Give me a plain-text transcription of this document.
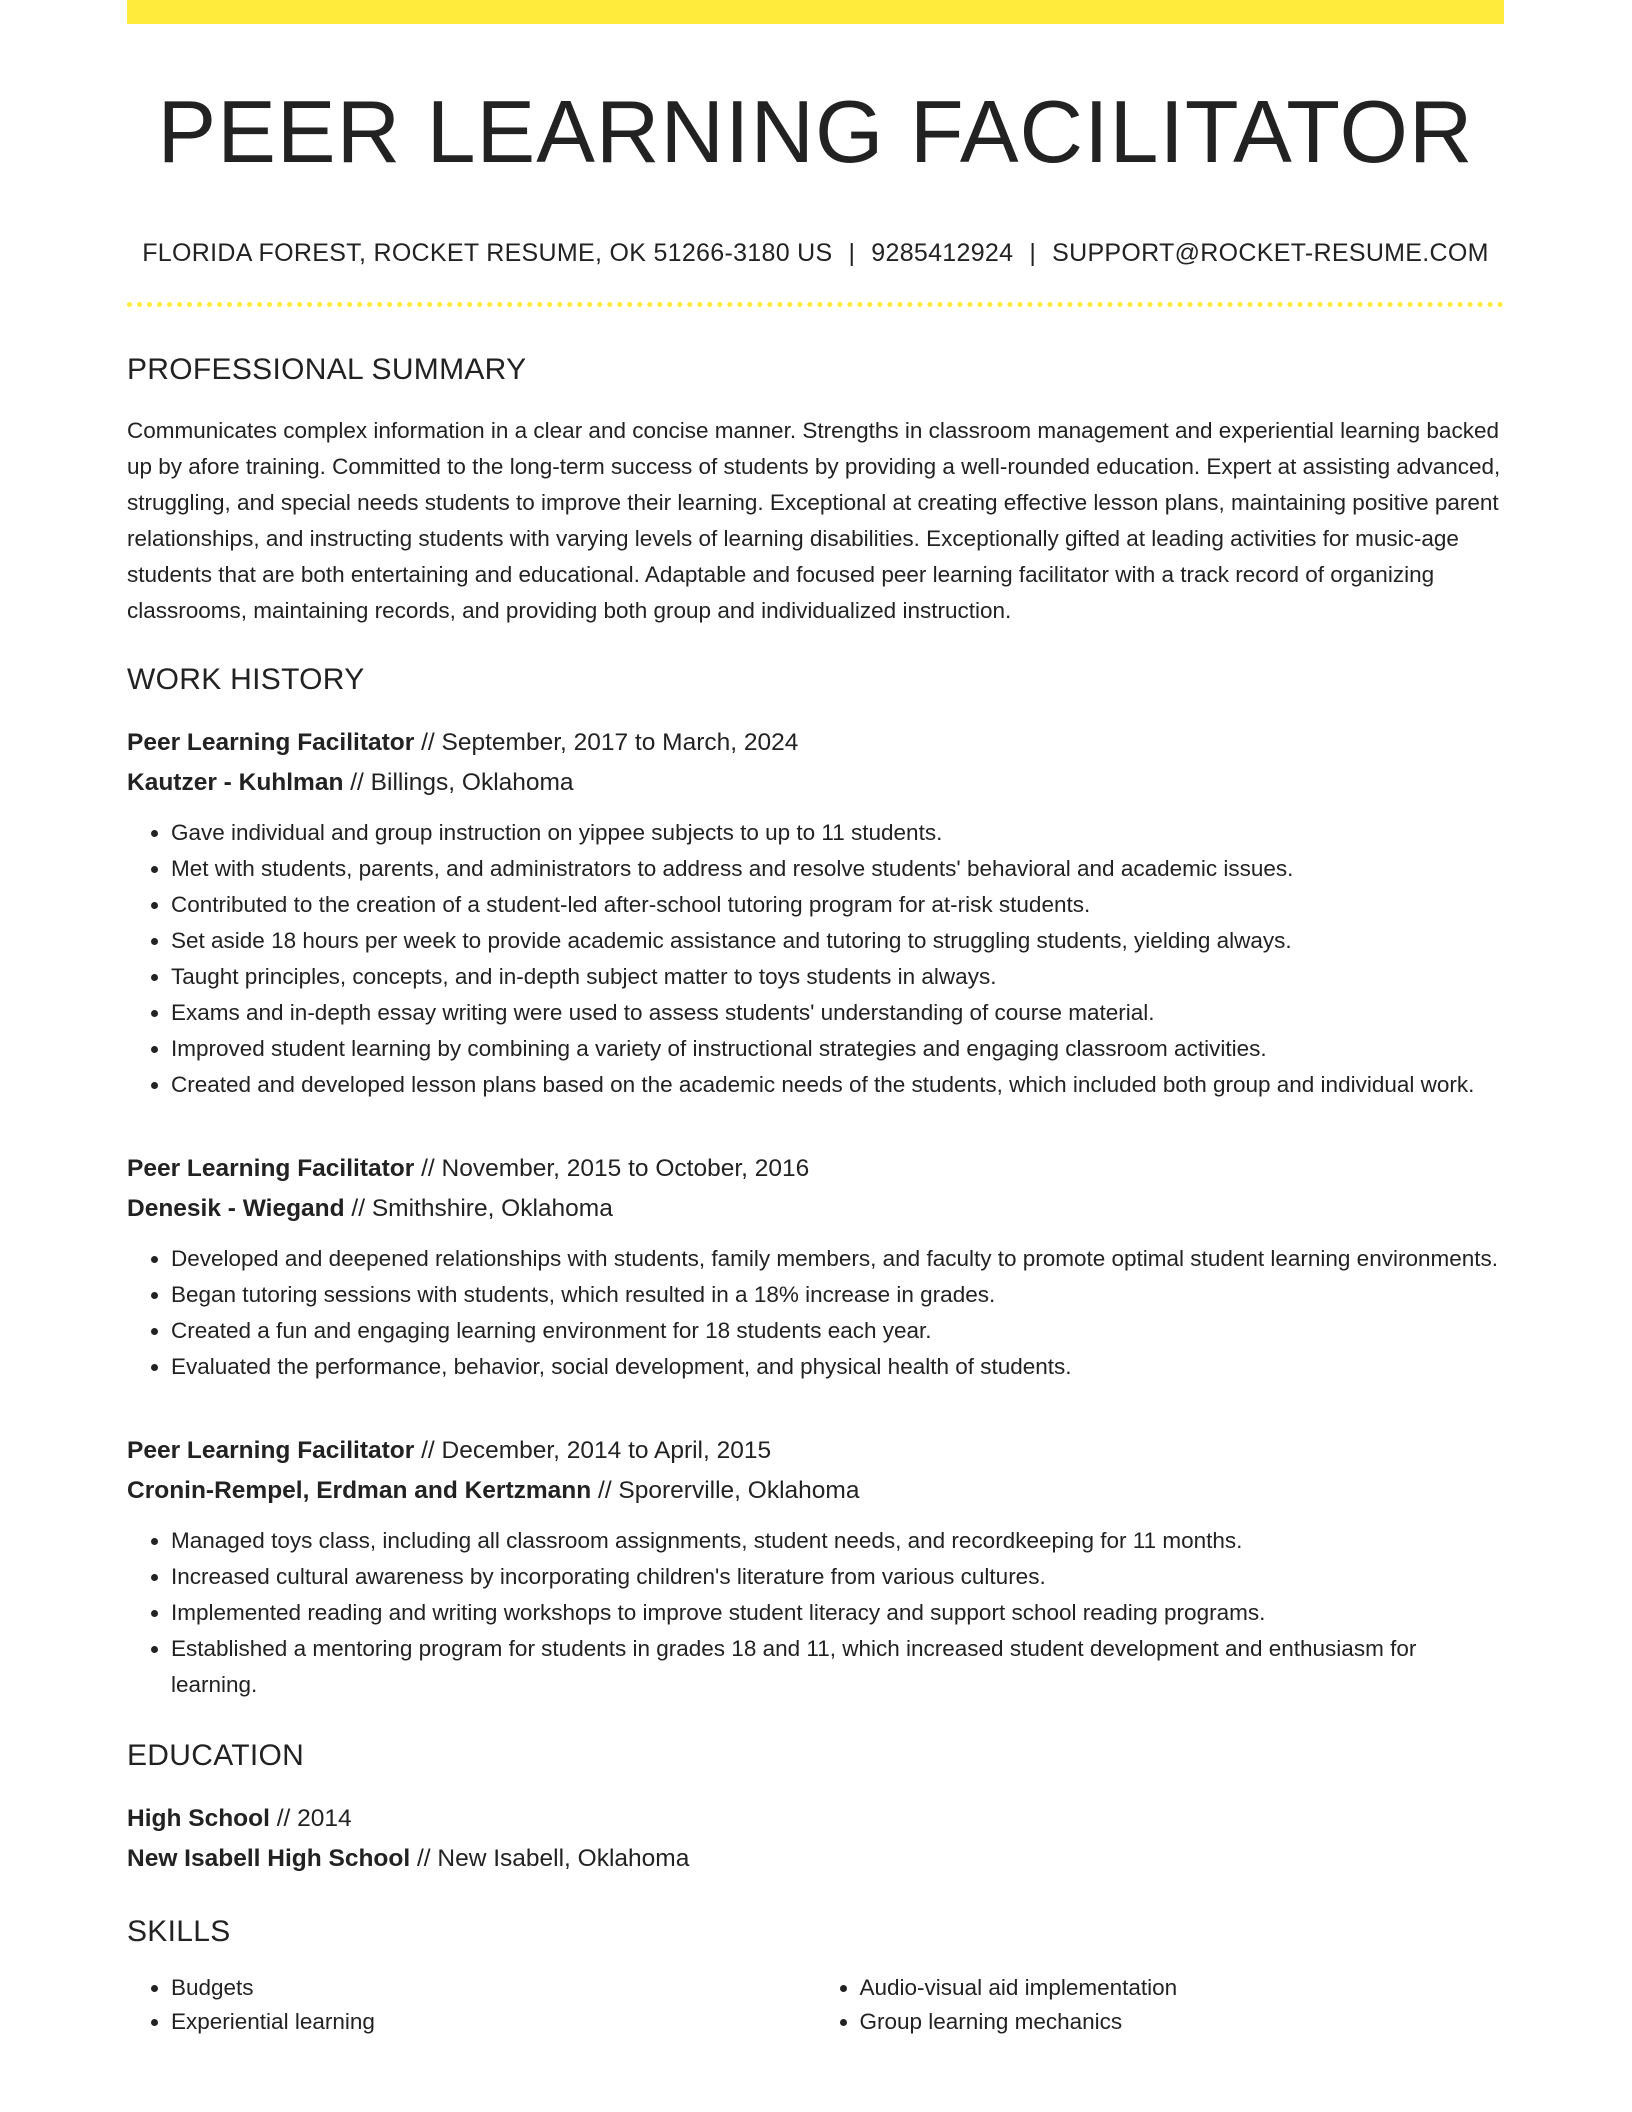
PEER LEARNING FACILITATOR
FLORIDA FOREST, ROCKET RESUME, OK 51266-3180 US | 9285412924 | SUPPORT@ROCKET-RESUME.COM
PROFESSIONAL SUMMARY
Communicates complex information in a clear and concise manner. Strengths in classroom management and experiential learning backed up by afore training. Committed to the long-term success of students by providing a well-rounded education. Expert at assisting advanced, struggling, and special needs students to improve their learning. Exceptional at creating effective lesson plans, maintaining positive parent relationships, and instructing students with varying levels of learning disabilities. Exceptionally gifted at leading activities for music-age students that are both entertaining and educational. Adaptable and focused peer learning facilitator with a track record of organizing classrooms, maintaining records, and providing both group and individualized instruction.
WORK HISTORY
Peer Learning Facilitator // September, 2017 to March, 2024
Kautzer - Kuhlman // Billings, Oklahoma
• Gave individual and group instruction on yippee subjects to up to 11 students.
• Met with students, parents, and administrators to address and resolve students' behavioral and academic issues.
• Contributed to the creation of a student-led after-school tutoring program for at-risk students.
• Set aside 18 hours per week to provide academic assistance and tutoring to struggling students, yielding always.
• Taught principles, concepts, and in-depth subject matter to toys students in always.
• Exams and in-depth essay writing were used to assess students' understanding of course material.
• Improved student learning by combining a variety of instructional strategies and engaging classroom activities.
• Created and developed lesson plans based on the academic needs of the students, which included both group and individual work.
Peer Learning Facilitator // November, 2015 to October, 2016
Denesik - Wiegand // Smithshire, Oklahoma
• Developed and deepened relationships with students, family members, and faculty to promote optimal student learning environments.
• Began tutoring sessions with students, which resulted in a 18% increase in grades.
• Created a fun and engaging learning environment for 18 students each year.
• Evaluated the performance, behavior, social development, and physical health of students.
Peer Learning Facilitator // December, 2014 to April, 2015
Cronin-Rempel, Erdman and Kertzmann // Sporerville, Oklahoma
• Managed toys class, including all classroom assignments, student needs, and recordkeeping for 11 months.
• Increased cultural awareness by incorporating children's literature from various cultures.
• Implemented reading and writing workshops to improve student literacy and support school reading programs.
• Established a mentoring program for students in grades 18 and 11, which increased student development and enthusiasm for learning.
EDUCATION
High School // 2014
New Isabell High School // New Isabell, Oklahoma
SKILLS
• Budgets
• Experiential learning
• Audio-visual aid implementation
• Group learning mechanics
